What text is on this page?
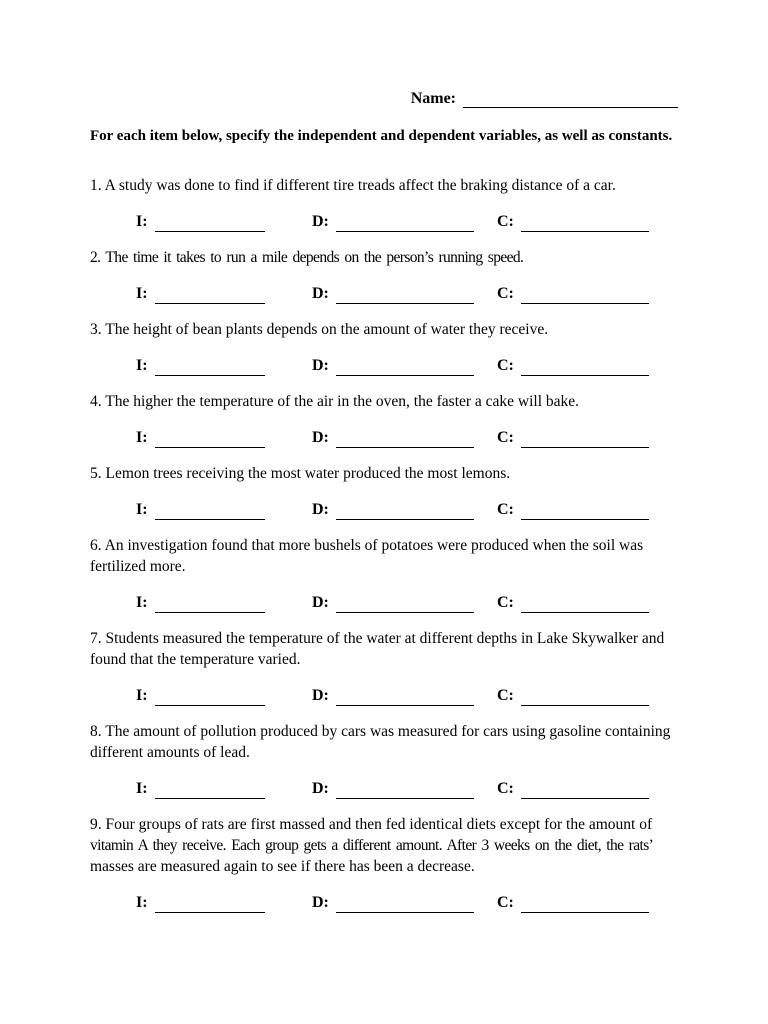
Name:

For each item below, specify the independent and dependent variables, as well as constants.

1. A study was done to find if different tire treads affect the braking distance of a car.

I:	D:	C:

2. The time it takes to run a mile depends on the person’s running speed.

I:	D:	C:

3. The height of bean plants depends on the amount of water they receive.

I:	D:	C:

4. The higher the temperature of the air in the oven, the faster a cake will bake.

I:	D:	C:

5. Lemon trees receiving the most water produced the most lemons.

I:	D:	C:

6. An investigation found that more bushels of potatoes were produced when the soil was fertilized more.

I:	D:	C:

7. Students measured the temperature of the water at different depths in Lake Skywalker and found that the temperature varied.

I:	D:	C:

8. The amount of pollution produced by cars was measured for cars using gasoline containing different amounts of lead.

I:	D:	C:

9. Four groups of rats are first massed and then fed identical diets except for the amount of vitamin A they receive. Each group gets a different amount. After 3 weeks on the diet, the rats’ masses are measured again to see if there has been a decrease.

I:	D:	C:
